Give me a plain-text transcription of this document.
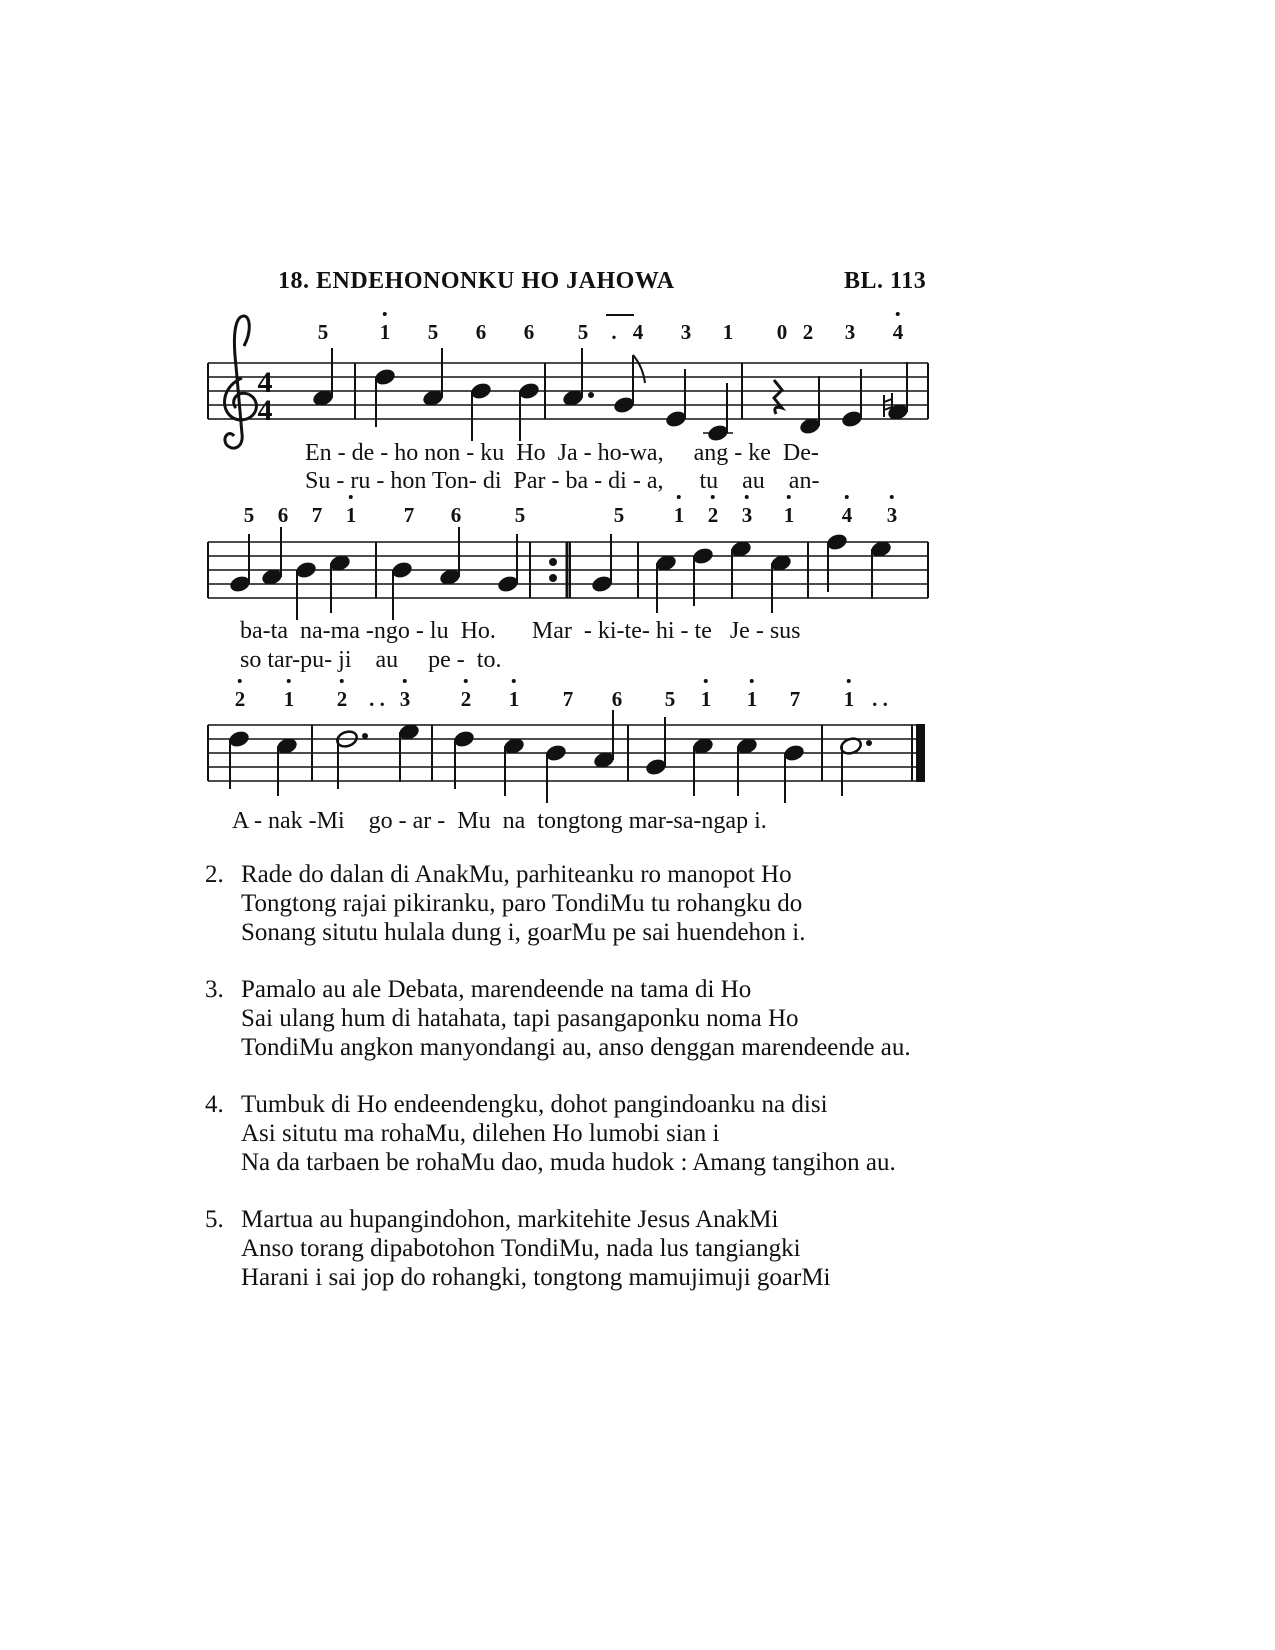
18. ENDEHONONKU HO JAHOWA	BL. 113
5 1 5 6 6 5 . 4 3 1 0 2 3 4
5 6 7 1 7 6	5	5 1 2 3 1 4 3
2 1 2 . . 3 2 1 7 6 5 1 1 7 1 . .
4
4
En - de - ho non - ku  Ho  Ja - ho-wa,     ang - ke  De-
Su - ru - hon Ton- di  Par - ba - di - a,      tu    au    an-
ba-ta  na-ma -ngo - lu  Ho.      Mar  - ki-te- hi - te   Je - sus
so tar-pu- ji    au     pe -  to.
A - nak -Mi    go - ar -  Mu  na  tongtong mar-sa-ngap i.
2. Rade do dalan di AnakMu, parhiteanku ro manopot Ho
Tongtong rajai pikiranku, paro TondiMu tu rohangku do
Sonang situtu hulala dung i, goarMu pe sai huendehon i.
3. Pamalo au ale Debata, marendeende na tama di Ho
Sai ulang hum di hatahata, tapi pasangaponku noma Ho
TondiMu angkon manyondangi au, anso denggan marendeende au.
4. Tumbuk di Ho endeendengku, dohot pangindoanku na disi
Asi situtu ma rohaMu, dilehen Ho lumobi sian i
Na da tarbaen be rohaMu dao, muda hudok : Amang tangihon au.
5. Martua au hupangindohon, markitehite Jesus AnakMi
Anso torang dipabotohon TondiMu, nada lus tangiangki
Harani i sai jop do rohangki, tongtong mamujimuji goarMi
